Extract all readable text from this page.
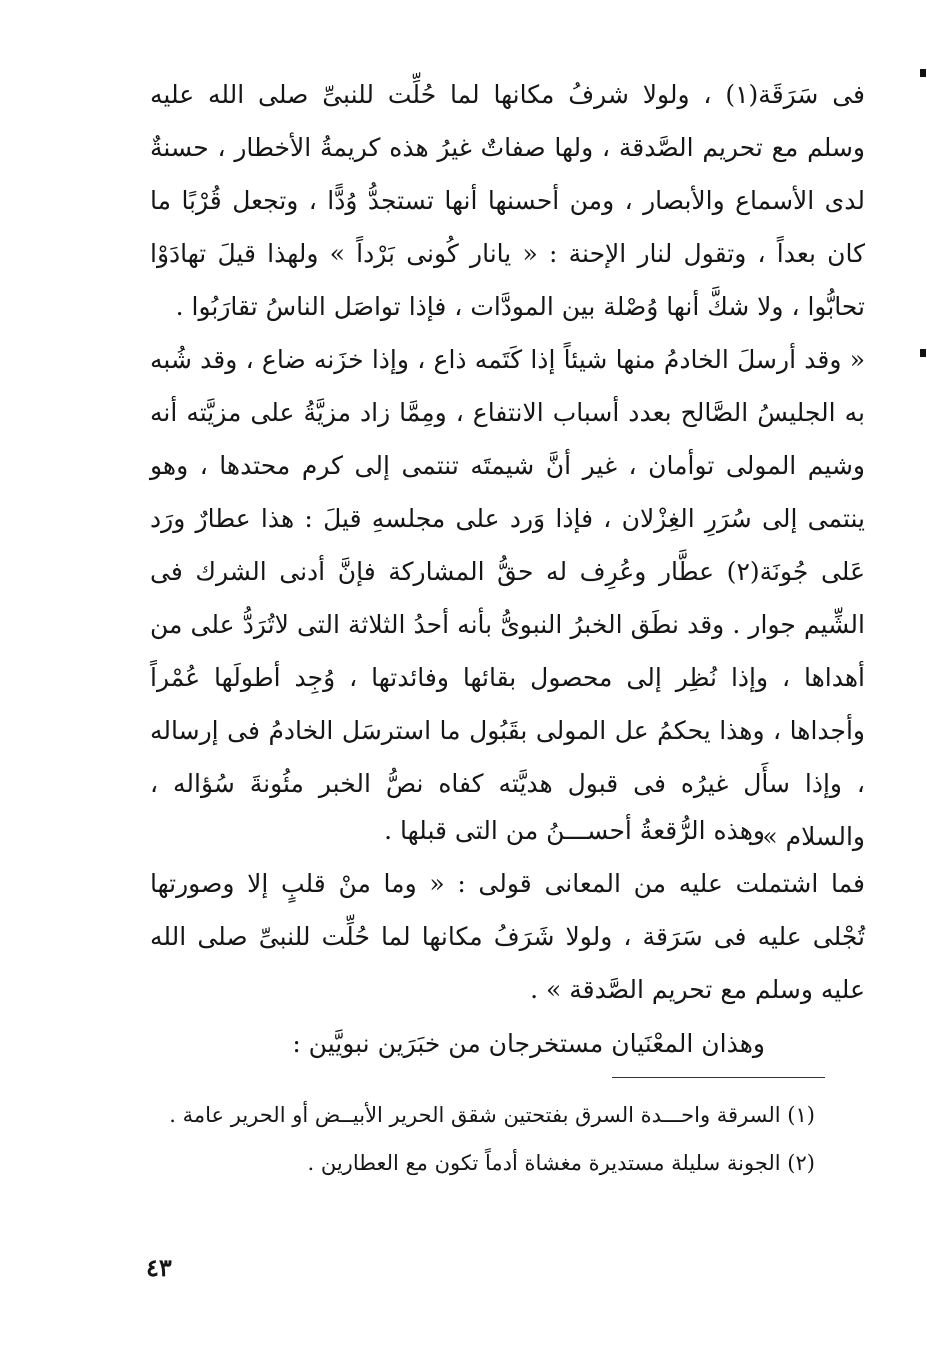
فى سَرَقَة(١) ، ولولا شرفُ مكانها لما حُلِّت للنبىِّ صلى الله عليه وسلم مع تحريم الصَّدقة ، ولها صفاتٌ غيرُ هذه كريمةُ الأخطار ، حسنةٌ لدى الأسماع والأبصار ، ومن أحسنها أنها تستجدُّ وُدًّا ، وتجعل قُرْبًا ما كان بعداً ، وتقول لنار الإحنة : « يانار كُونى بَرْداً » ولهذا قيلَ تهادَوْا تحابُّوا ، ولا شكَّ أنها وُصْلة بين المودَّات ، فإذا تواصَل الناسُ تقارَبُوا .

« وقد أرسلَ الخادمُ منها شيئاً إذا كَتَمه ذاع ، وإذا خزَنه ضاع ، وقد شُبه به الجليسُ الصَّالح بعدد أسباب الانتفاع ، ومِمَّا زاد مزيَّةُ على مزيَّته أنه وشيم المولى توأمان ، غير أنَّ شيمتَه تنتمى إلى كرم محتدها ، وهو ينتمى إلى سُرَرِ الغِزْلان ، فإذا وَرد على مجلسهِ قيلَ : هذا عطارٌ ورَد عَلى جُونَة(٢) عطَّار وعُرِف له حقُّ المشاركة فإنَّ أدنى الشرك فى الشِّيم جوار . وقد نطَق الخبرُ النبوىُّ بأنه أحدُ الثلاثة التى لاتُرَدُّ على من أهداها ، وإذا نُظِر إلى محصول بقائها وفائدتها ، وُجِد أطولَها عُمْراً وأجداها ، وهذا يحكمُ عل المولى بقَبُول ما استرسَل الخادمُ فى إرساله ، وإذا سأَل غيرُه فى قبول هديَّته كفاه نصُّ الخبر مئُونةَ سُؤاله ، والسلام » .

وهذه الرُّقعةُ أحســـنُ من التى قبلها .

فما اشتملت عليه من المعانى قولى : « وما منْ قلبٍ إلا وصورتها تُجْلى عليه فى سَرَقة ، ولولا شَرَفُ مكانها لما حُلِّت للنبىِّ صلى الله عليه وسلم مع تحريم الصَّدقة » .

وهذان المعْنَيان مستخرجان من خبَرَين نبويَّين :

(١) السرقة واحـــدة السرق بفتحتين شقق الحرير الأبيــض أو الحرير عامة .

(٢) الجونة سليلة مستديرة مغشاة أدماً تكون مع العطارين .

٤٣
